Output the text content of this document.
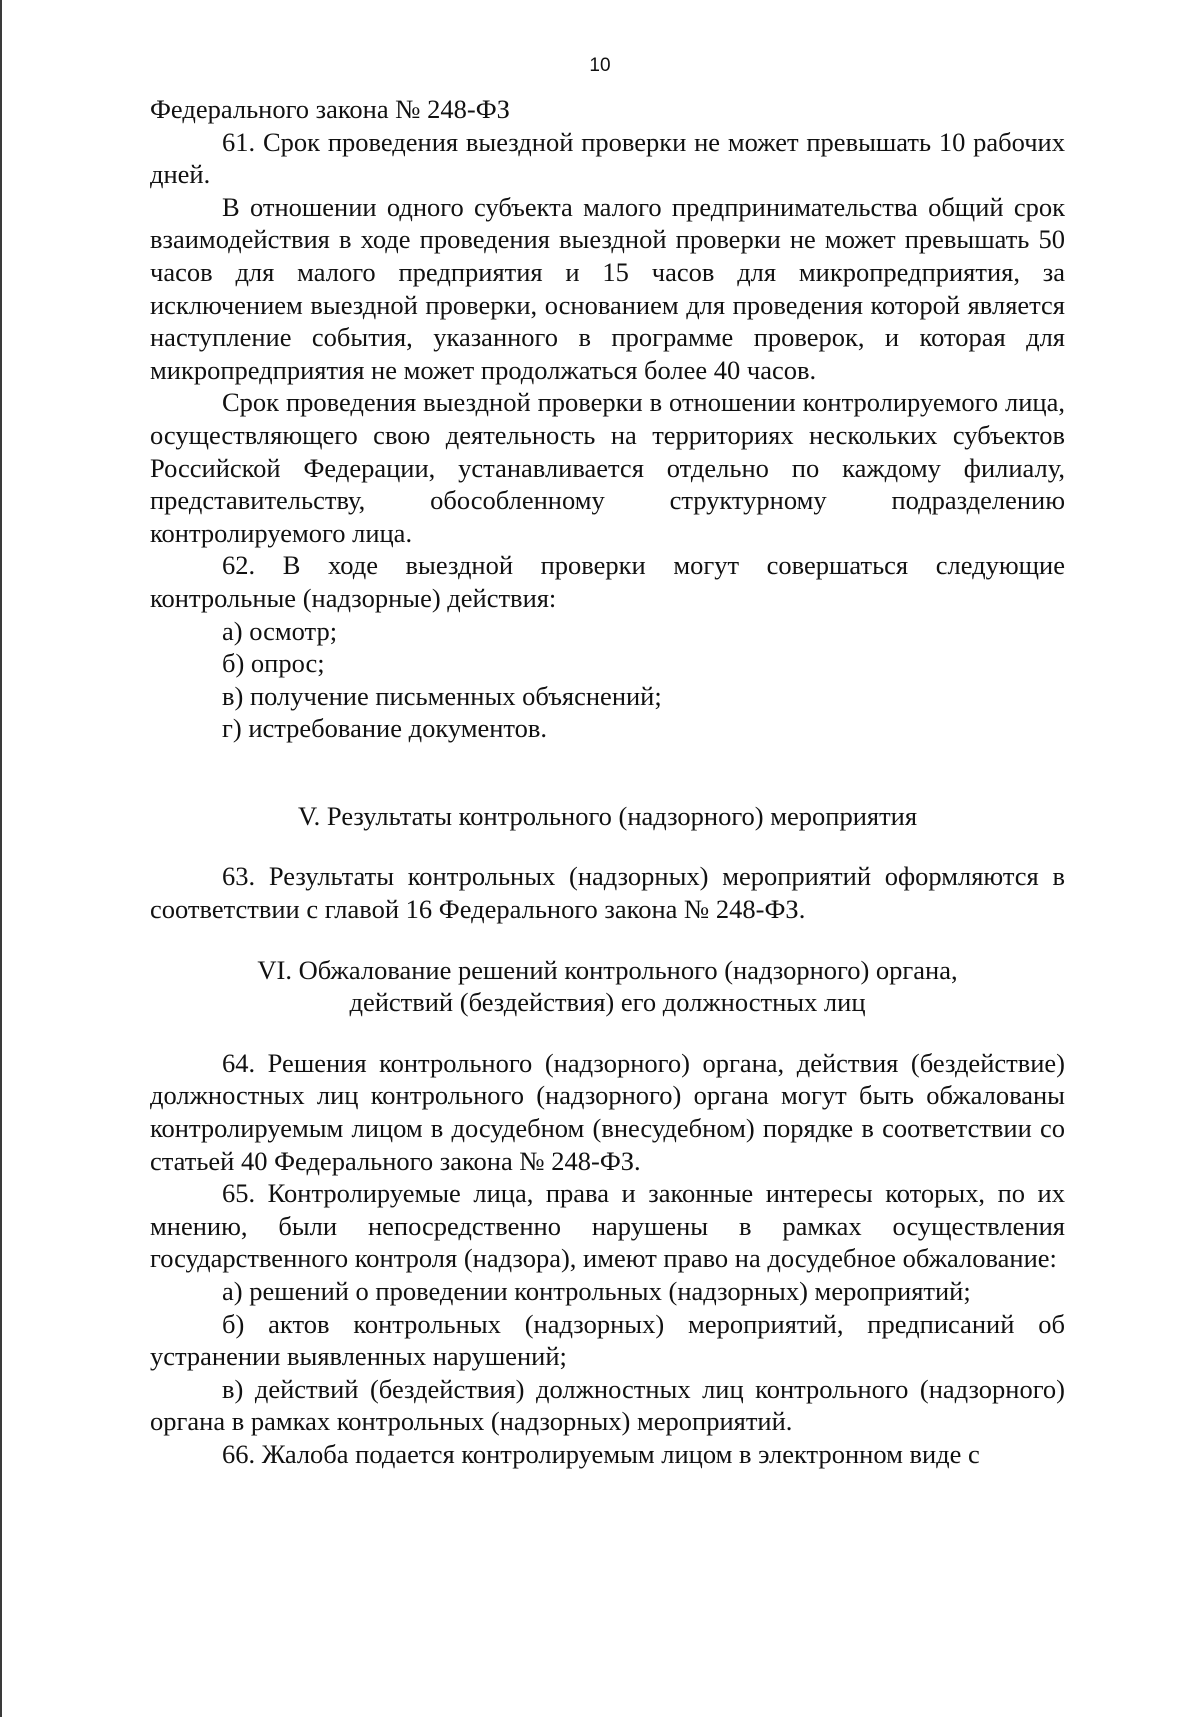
10

Федерального закона № 248-ФЗ

61. Срок проведения выездной проверки не может превышать 10 рабочих дней.

В отношении одного субъекта малого предпринимательства общий срок взаимодействия в ходе проведения выездной проверки не может превышать 50 часов для малого предприятия и 15 часов для микропредприятия, за исключением выездной проверки, основанием для проведения которой является наступление события, указанного в программе проверок, и которая для микропредприятия не может продолжаться более 40 часов.

Срок проведения выездной проверки в отношении контролируемого лица, осуществляющего свою деятельность на территориях нескольких субъектов Российской Федерации, устанавливается отдельно по каждому филиалу, представительству, обособленному структурному подразделению контролируемого лица.

62. В ходе выездной проверки могут совершаться следующие контрольные (надзорные) действия:

а) осмотр;

б) опрос;

в) получение письменных объяснений;

г) истребование документов.

V. Результаты контрольного (надзорного) мероприятия

63. Результаты контрольных (надзорных) мероприятий оформляются в соответствии с главой 16 Федерального закона № 248-ФЗ.

VI. Обжалование решений контрольного (надзорного) органа,

действий (бездействия) его должностных лиц

64. Решения контрольного (надзорного) органа, действия (бездействие) должностных лиц контрольного (надзорного) органа могут быть обжалованы контролируемым лицом в досудебном (внесудебном) порядке в соответствии со статьей 40 Федерального закона № 248-ФЗ.

65. Контролируемые лица, права и законные интересы которых, по их мнению, были непосредственно нарушены в рамках осуществления государственного контроля (надзора), имеют право на досудебное обжалование:

а) решений о проведении контрольных (надзорных) мероприятий;

б) актов контрольных (надзорных) мероприятий, предписаний об устранении выявленных нарушений;

в) действий (бездействия) должностных лиц контрольного (надзорного) органа в рамках контрольных (надзорных) мероприятий.

66. Жалоба подается контролируемым лицом в электронном виде с
